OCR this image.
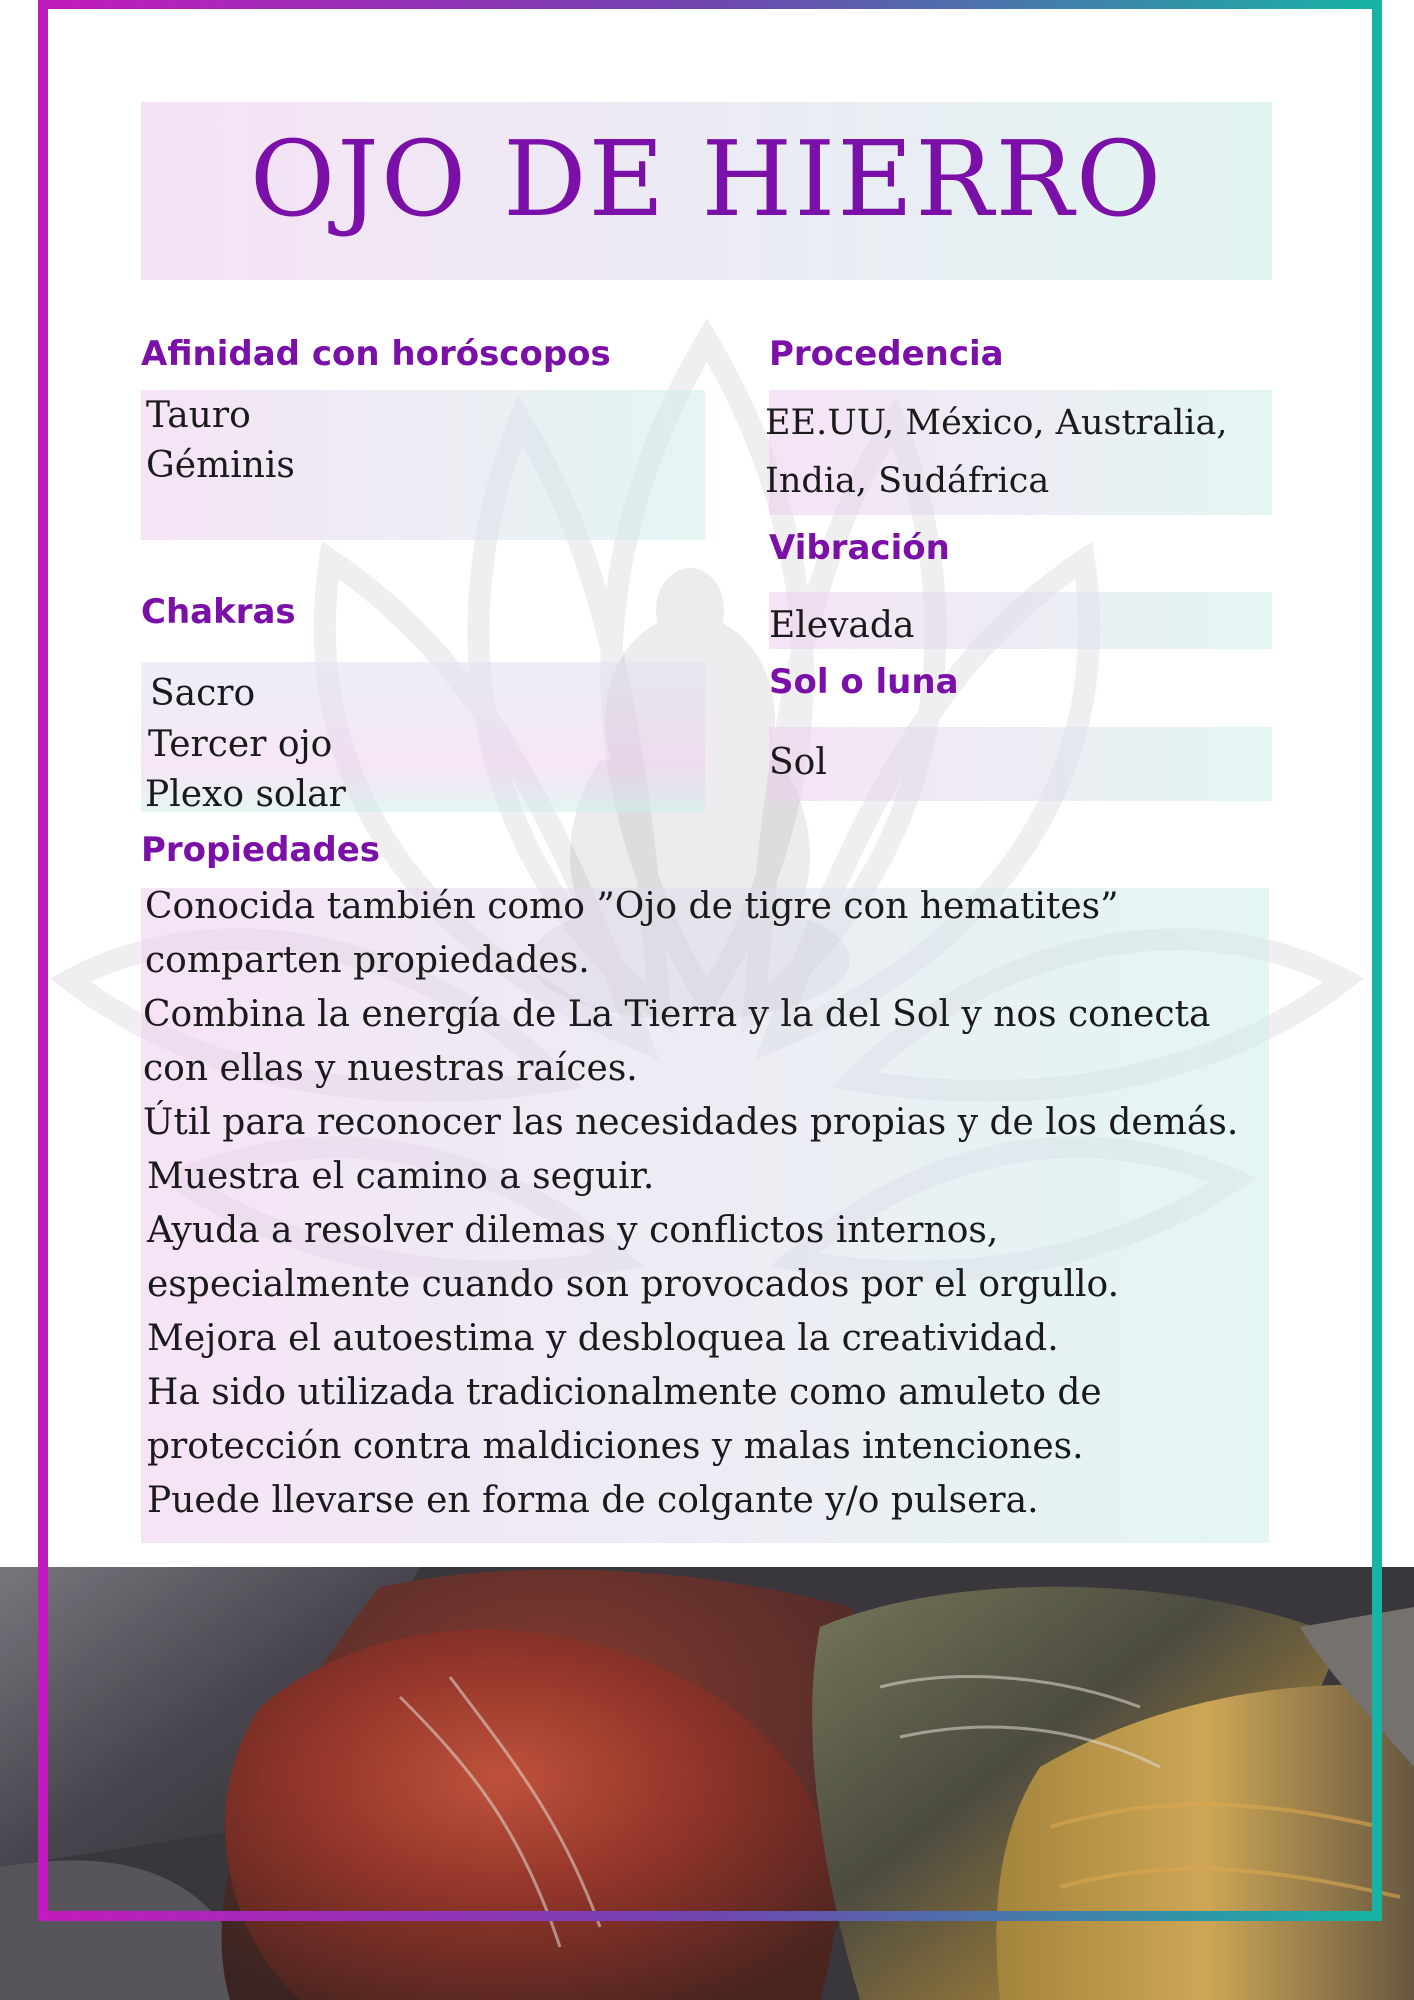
OJO DE HIERRO
Afinidad con horóscopos
Tauro
Géminis
Procedencia
EE.UU, México, Australia,
India, Sudáfrica
Vibración
Elevada
Chakras
Sacro
Tercer ojo
Plexo solar
Sol o luna
Sol
Propiedades
Conocida también como ”Ojo de tigre con hematites”
comparten propiedades.
Combina la energía de La Tierra y la del Sol y nos conecta
con ellas y nuestras raíces.
Útil para reconocer las necesidades propias y de los demás.
Muestra el camino a seguir.
Ayuda a resolver dilemas y conflictos internos,
especialmente cuando son provocados por el orgullo.
Mejora el autoestima y desbloquea la creatividad.
Ha sido utilizada tradicionalmente como amuleto de
protección contra maldiciones y malas intenciones.
Puede llevarse en forma de colgante y/o pulsera.
